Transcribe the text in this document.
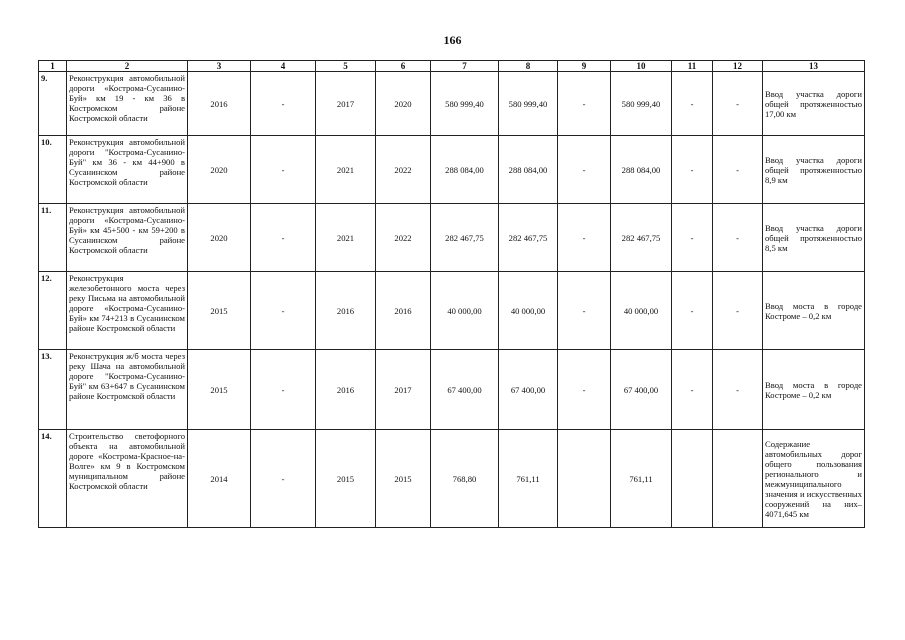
166
1	2	3	4	5	6	7	8	9	10	11	12	13
9.	Реконструкция автомобильной дороги «Кострома-Сусанино-Буй» км 19 - км 36 в Костромском районе Костромской области	2016	-	2017	2020	580 999,40	580 999,40	-	580 999,40	-	-	Ввод участка дороги общей протяженностью 17,00 км
10.	Реконструкция автомобильной дороги "Кострома-Сусанино-Буй" км 36 - км 44+900 в Сусанинском районе Костромской области	2020	-	2021	2022	288 084,00	288 084,00	-	288 084,00	-	-	Ввод участка дороги общей протяженностью 8,9 км
11.	Реконструкция автомобильной дороги «Кострома-Сусанино-Буй» км 45+500 - км 59+200 в Сусанинском районе Костромской области	2020	-	2021	2022	282 467,75	282 467,75	-	282 467,75	-	-	Ввод участка дороги общей протяженностью 8,5 км
12.	Реконструкция железобетонного моста через реку Письма на автомобильной дороге «Кострома-Сусанино-Буй» км 74+213 в Сусанинском районе Костромской области	2015	-	2016	2016	40 000,00	40 000,00	-	40 000,00	-	-	Ввод моста в городе Костроме – 0,2 км
13.	Реконструкция ж/б моста через реку Шача на автомобильной дороге "Кострома-Сусанино-Буй" км 63+647 в Сусанинском районе Костромской области	2015	-	2016	2017	67 400,00	67 400,00	-	67 400,00	-	-	Ввод моста в городе Костроме – 0,2 км
14.	Строительство светофорного объекта на автомобильной дороге «Кострома-Красное-на-Волге» км 9 в Костромском муниципальном районе Костромской области	2014	-	2015	2015	768,80	761,11		761,11			Содержание автомобильных дорог общего пользования регионального и межмуниципального значения и искусственных сооружений на них– 4071,645 км
